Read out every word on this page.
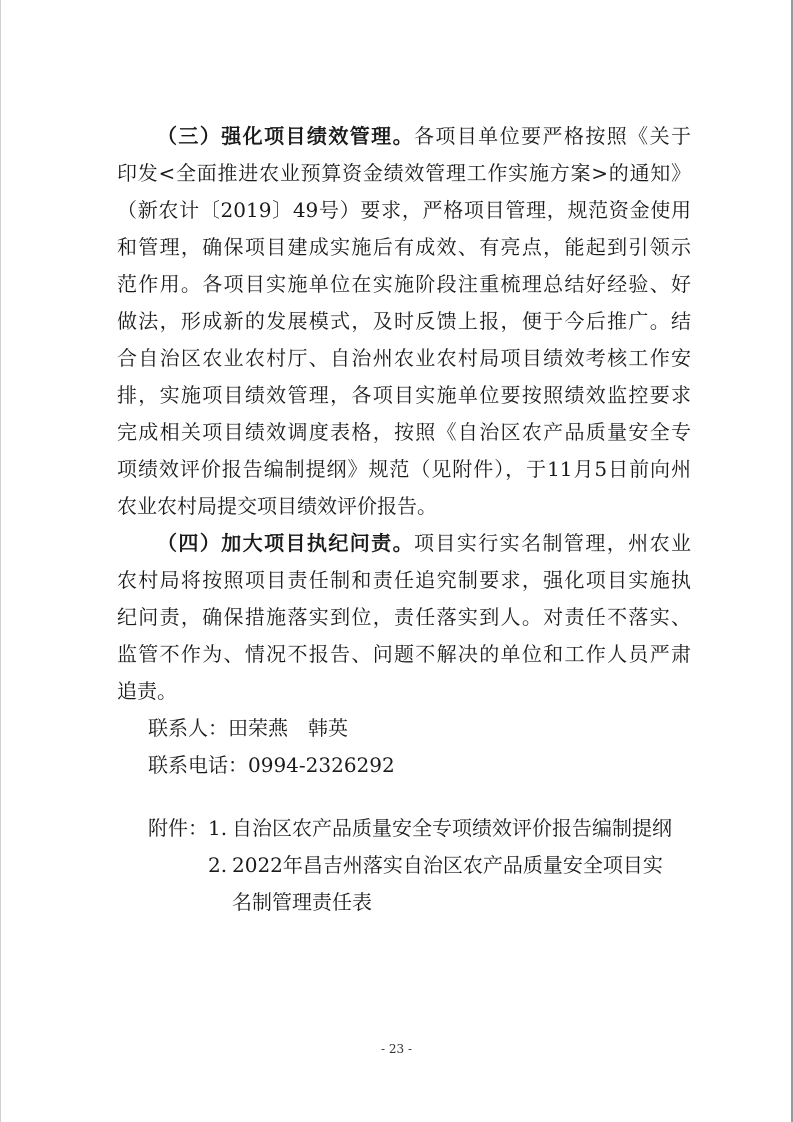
（三）强化项目绩效管理。各项目单位要严格按照《关于
印发<全面推进农业预算资金绩效管理工作实施方案>的通知》
（新农计〔2019〕49号）要求，严格项目管理，规范资金使用
和管理，确保项目建成实施后有成效、有亮点，能起到引领示
范作用。各项目实施单位在实施阶段注重梳理总结好经验、好
做法，形成新的发展模式，及时反馈上报，便于今后推广。结
合自治区农业农村厅、自治州农业农村局项目绩效考核工作安
排，实施项目绩效管理，各项目实施单位要按照绩效监控要求
完成相关项目绩效调度表格，按照《自治区农产品质量安全专
项绩效评价报告编制提纲》规范（见附件），于11月5日前向州
农业农村局提交项目绩效评价报告。
（四）加大项目执纪问责。项目实行实名制管理，州农业
农村局将按照项目责任制和责任追究制要求，强化项目实施执
纪问责，确保措施落实到位，责任落实到人。对责任不落实、
监管不作为、情况不报告、问题不解决的单位和工作人员严肃
追责。
联系人：田荣燕 韩英
联系电话：0994-2326292
附件： 1. 自治区农产品质量安全专项绩效评价报告编制提纲
2. 2022年昌吉州落实自治区农产品质量安全项目实
名制管理责任表
- 23 -
